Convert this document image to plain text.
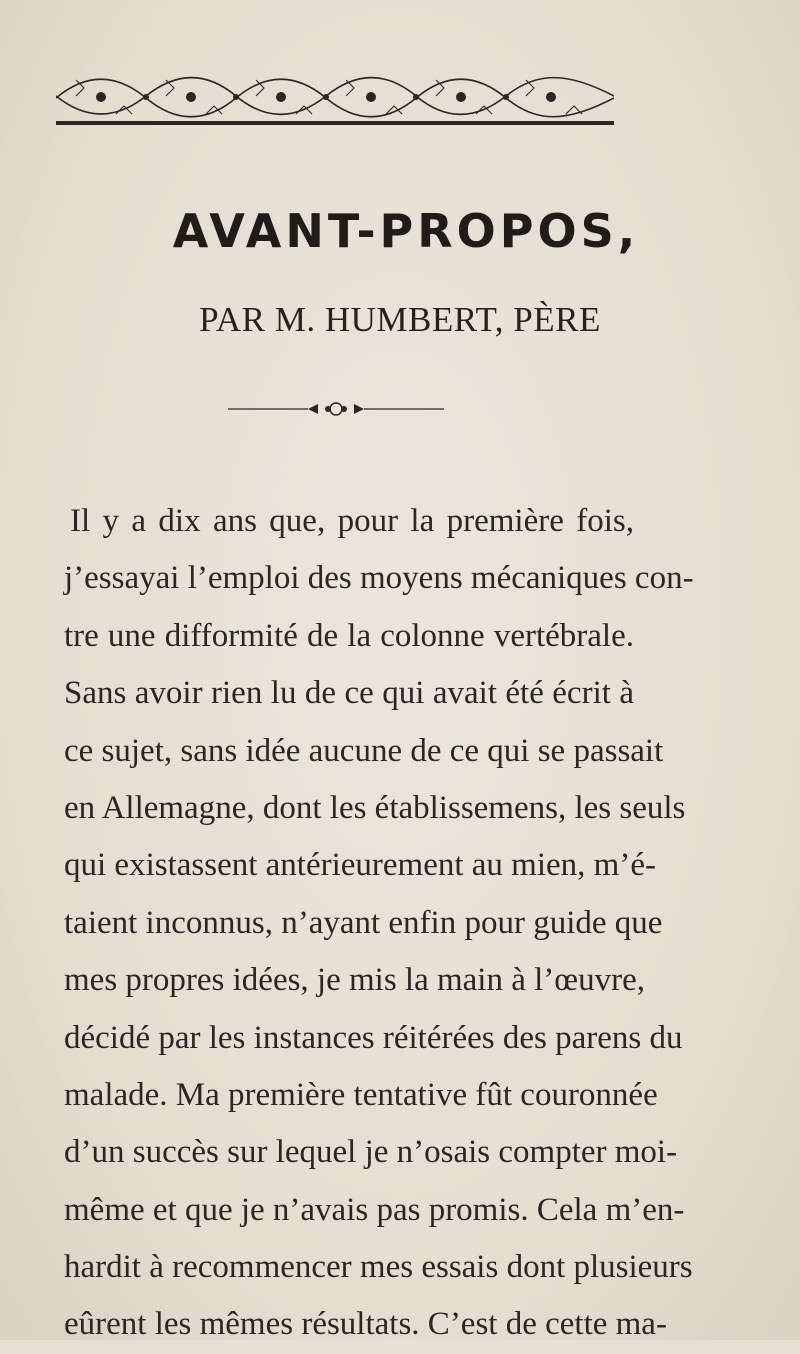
AVANT-PROPOS,
PAR M. HUMBERT, PÈRE
Il y a dix ans que, pour la première fois,
j’essayai l’emploi des moyens mécaniques con-
tre une difformité de la colonne vertébrale.
Sans avoir rien lu de ce qui avait été écrit à
ce sujet, sans idée aucune de ce qui se passait
en Allemagne, dont les établissemens, les seuls
qui existassent antérieurement au mien, m’é-
taient inconnus, n’ayant enfin pour guide que
mes propres idées, je mis la main à l’œuvre,
décidé par les instances réitérées des parens du
malade. Ma première tentative fût couronnée
d’un succès sur lequel je n’osais compter moi-
même et que je n’avais pas promis. Cela m’en-
hardit à recommencer mes essais dont plusieurs
eûrent les mêmes résultats. C’est de cette ma-
